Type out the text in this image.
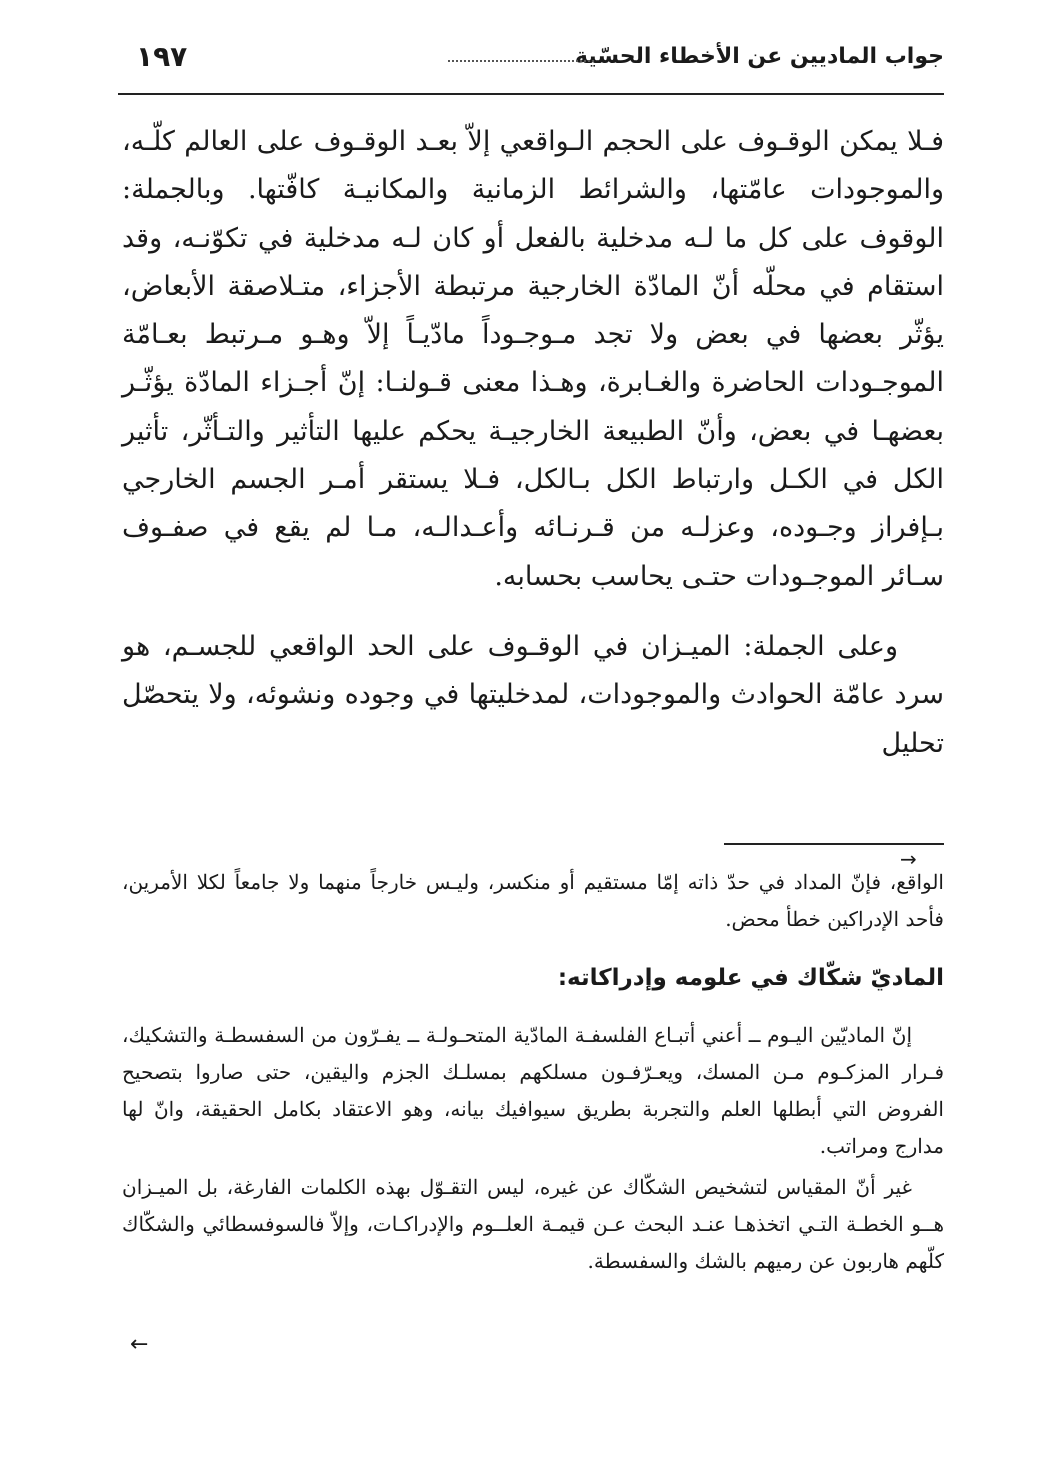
جواب الماديين عن الأخطاء الحسّية
١٩٧

فـلا يمكن الوقـوف على الحجم الـواقعي إلاّ بعـد الوقـوف على العالم كلّـه، والموجودات عامّتها، والشرائط الزمانية والمكانيـة كافّتها. وبالجملة: الوقوف على كل ما لـه مدخلية بالفعل أو كان لـه مدخلية في تكوّنـه، وقد استقام في محلّه أنّ المادّة الخارجية مرتبطة الأجزاء، متـلاصقة الأبعاض، يؤثّر بعضها في بعض ولا تجد مـوجـوداً مادّيـاً إلاّ وهـو مـرتبط بعـامّة الموجـودات الحاضرة والغـابرة، وهـذا معنى قـولنـا: إنّ أجـزاء المادّة يؤثّـر بعضهـا في بعض، وأنّ الطبيعة الخارجيـة يحكم عليها التأثير والتـأثّر، تأثير الكل في الكـل وارتباط الكل بـالكل، فـلا يستقر أمـر الجسم الخارجي بـإفراز وجـوده، وعزلـه من قـرنـائه وأعـدالـه، مـا لم يقع في صفـوف سـائر الموجـودات حتـى يحاسب بحسابه.

وعلى الجملة: الميـزان في الوقـوف على الحد الواقعي للجسـم، هو سرد عامّة الحوادث والموجودات، لمدخليتها في وجوده ونشوئه، ولا يتحصّل تحليل

→

الواقع، فإنّ المداد في حدّ ذاته إمّا مستقيم أو منكسر، وليـس خارجاً منهما ولا جامعاً لكلا الأمرين، فأحد الإدراكين خطأ محض.

الماديّ شكّاك في علومه وإدراكاته:

إنّ الماديّين اليـوم ــ أعني أتبـاع الفلسفـة المادّية المتحـولـة ــ يفـرّون من السفسطـة والتشكيك، فـرار المزكـوم مـن المسك، ويعـرّفـون مسلكهم بمسلـك الجزم واليقين، حتى صاروا بتصحيح الفروض التي أبطلها العلم والتجربة بطريق سيوافيك بيانه، وهو الاعتقاد بكامل الحقيقة، وانّ لها مدارج ومراتب.

غير أنّ المقياس لتشخيص الشكّاك عن غيره، ليس التقـوّل بهذه الكلمات الفارغة، بل الميـزان هــو الخطـة التـي اتخذهـا عنـد البحث عـن قيمـة العلــوم والإدراكـات، وإلاّ فالسوفسطائي والشكّاك كلّهم هاربون عن رميهم بالشك والسفسطة.

←
